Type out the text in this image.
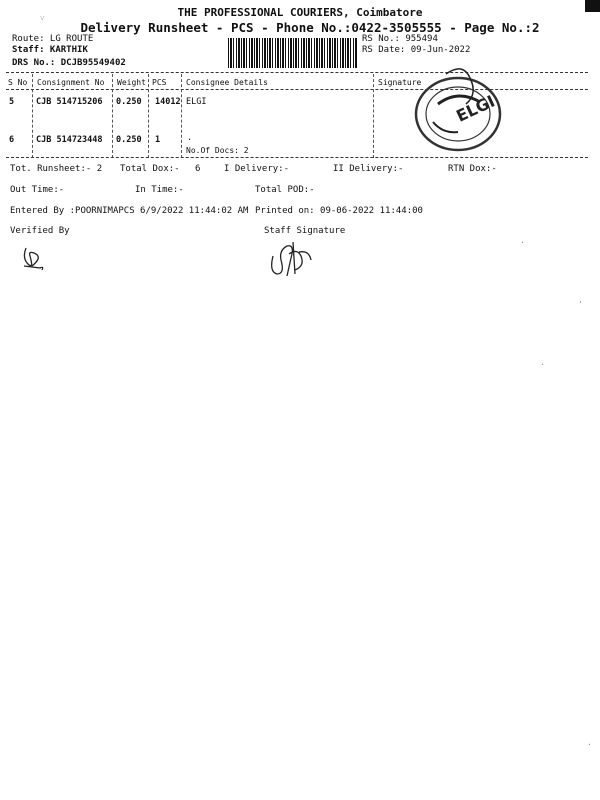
THE PROFESSIONAL COURIERS, Coimbatore
Delivery Runsheet - PCS - Phone No.:0422-3505555 - Page No.:2
Route: LG ROUTE
Staff: KARTHIK
DRS No.: DCJB95549402
RS No.: 955494
RS Date: 09-Jun-2022
S No Consignment No Weight PCS Consignee Details	Signature
5	CJB 514715206 0.250 14012 ELGI
6	CJB 514723448 0.250 1	.
No.Of Docs: 2
ELGI
Tot. Runsheet:- 2 Total Dox:- 6	I Delivery:-	II Delivery:-	RTN Dox:-
Out Time:-	In Time:-	Total POD:-
Entered By :POORNIMAPCS 6/9/2022 11:44:02 AM Printed on: 09-06-2022 11:44:00
Verified By	Staff Signature
˅
·
'
·
·
